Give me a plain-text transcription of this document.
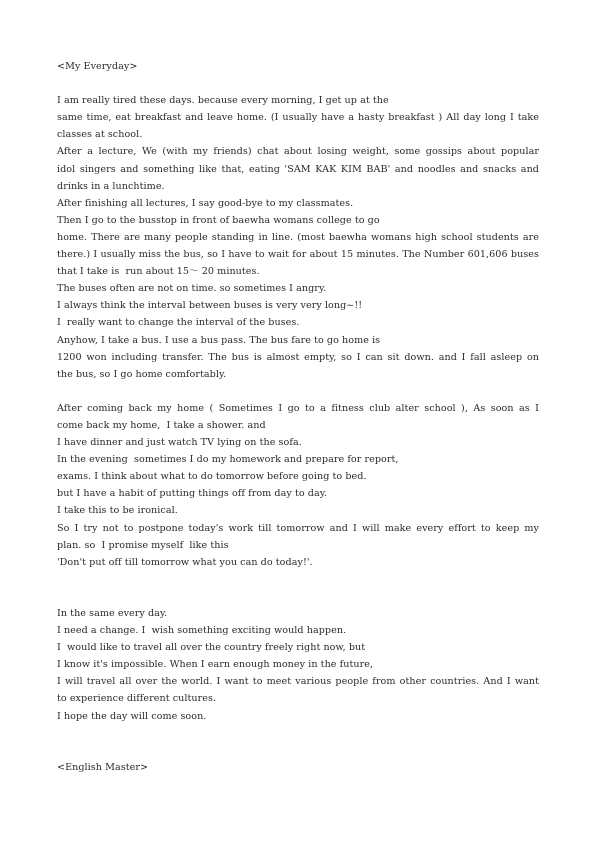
<My Everyday>
I am really tired these days. because every morning, I get up at the
same time, eat breakfast and leave home. (I usually have a hasty breakfast ) All day long I take
classes at school.
After a lecture, We (with my friends) chat about losing weight, some gossips about popular
idol singers and something like that, eating 'SAM KAK KIM BAB' and noodles and snacks and
drinks in a lunchtime.
After finishing all lectures, I say good-bye to my classmates.
Then I go to the busstop in front of baewha womans college to go
home. There are many people standing in line. (most baewha womans high school students are
there.) I usually miss the bus, so I have to wait for about 15 minutes. The Number 601,606 buses
that I take is  run about 15～ 20 minutes.
The buses often are not on time. so sometimes I angry.
I always think the interval between buses is very very long~!!
I  really want to change the interval of the buses.
Anyhow, I take a bus. I use a bus pass. The bus fare to go home is
1200 won including transfer. The bus is almost empty, so I can sit down. and I fall asleep on
the bus, so I go home comfortably.
After coming back my home ( Sometimes I go to a fitness club alter school ), As soon as I
come back my home,  I take a shower. and
I have dinner and just watch TV lying on the sofa.
In the evening  sometimes I do my homework and prepare for report,
exams. I think about what to do tomorrow before going to bed.
but I have a habit of putting things off from day to day.
I take this to be ironical.
So I try not to postpone today's work till tomorrow and I will make every effort to keep my
plan. so  I promise myself  like this
'Don't put off till tomorrow what you can do today!'.
In the same every day.
I need a change. I  wish something exciting would happen.
I  would like to travel all over the country freely right now, but
I know it's impossible. When I earn enough money in the future,
I will travel all over the world. I want to meet various people from other countries. And I want
to experience different cultures.
I hope the day will come soon.
<English Master>
